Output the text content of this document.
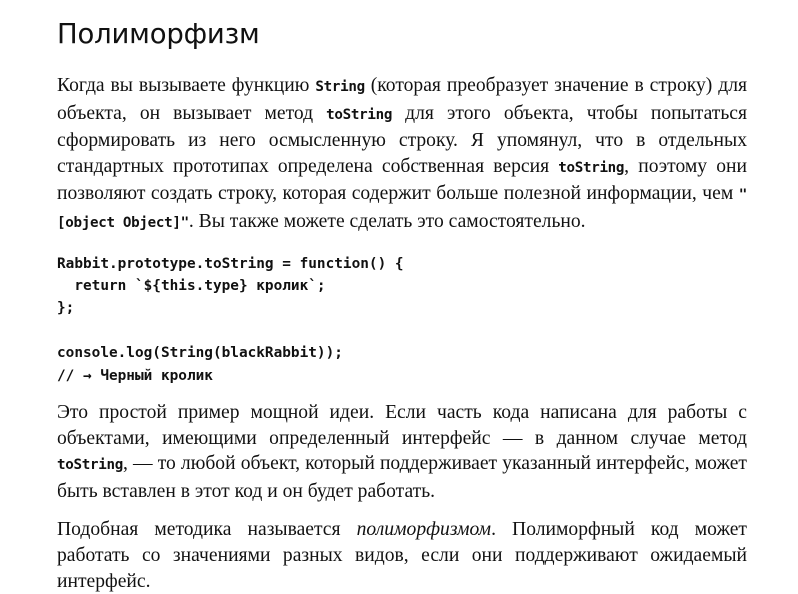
Полиморфизм

Когда вы вызываете функцию String (которая преобразует значение в строку) для объекта, он вызывает метод toString для этого объекта, чтобы попытаться сформировать из него осмысленную строку. Я упомянул, что в отдельных стандартных прототипах определена собственная версия toString, поэтому они позволяют создать строку, которая содержит больше полезной информации, чем "[object Object]". Вы также можете сделать это самостоятельно.

Rabbit.prototype.toString = function() {
return `${this.type} кролик`;
};
console.log(String(blackRabbit));
// → Черный кролик

Это простой пример мощной идеи. Если часть кода написана для работы с объектами, имеющими определенный интерфейс — в данном случае метод toString, — то любой объект, который поддерживает указанный интерфейс, может быть вставлен в этот код и он будет работать.

Подобная методика называется полиморфизмом. Полиморфный код может работать со значениями разных видов, если они поддерживают ожидаемый интерфейс.
